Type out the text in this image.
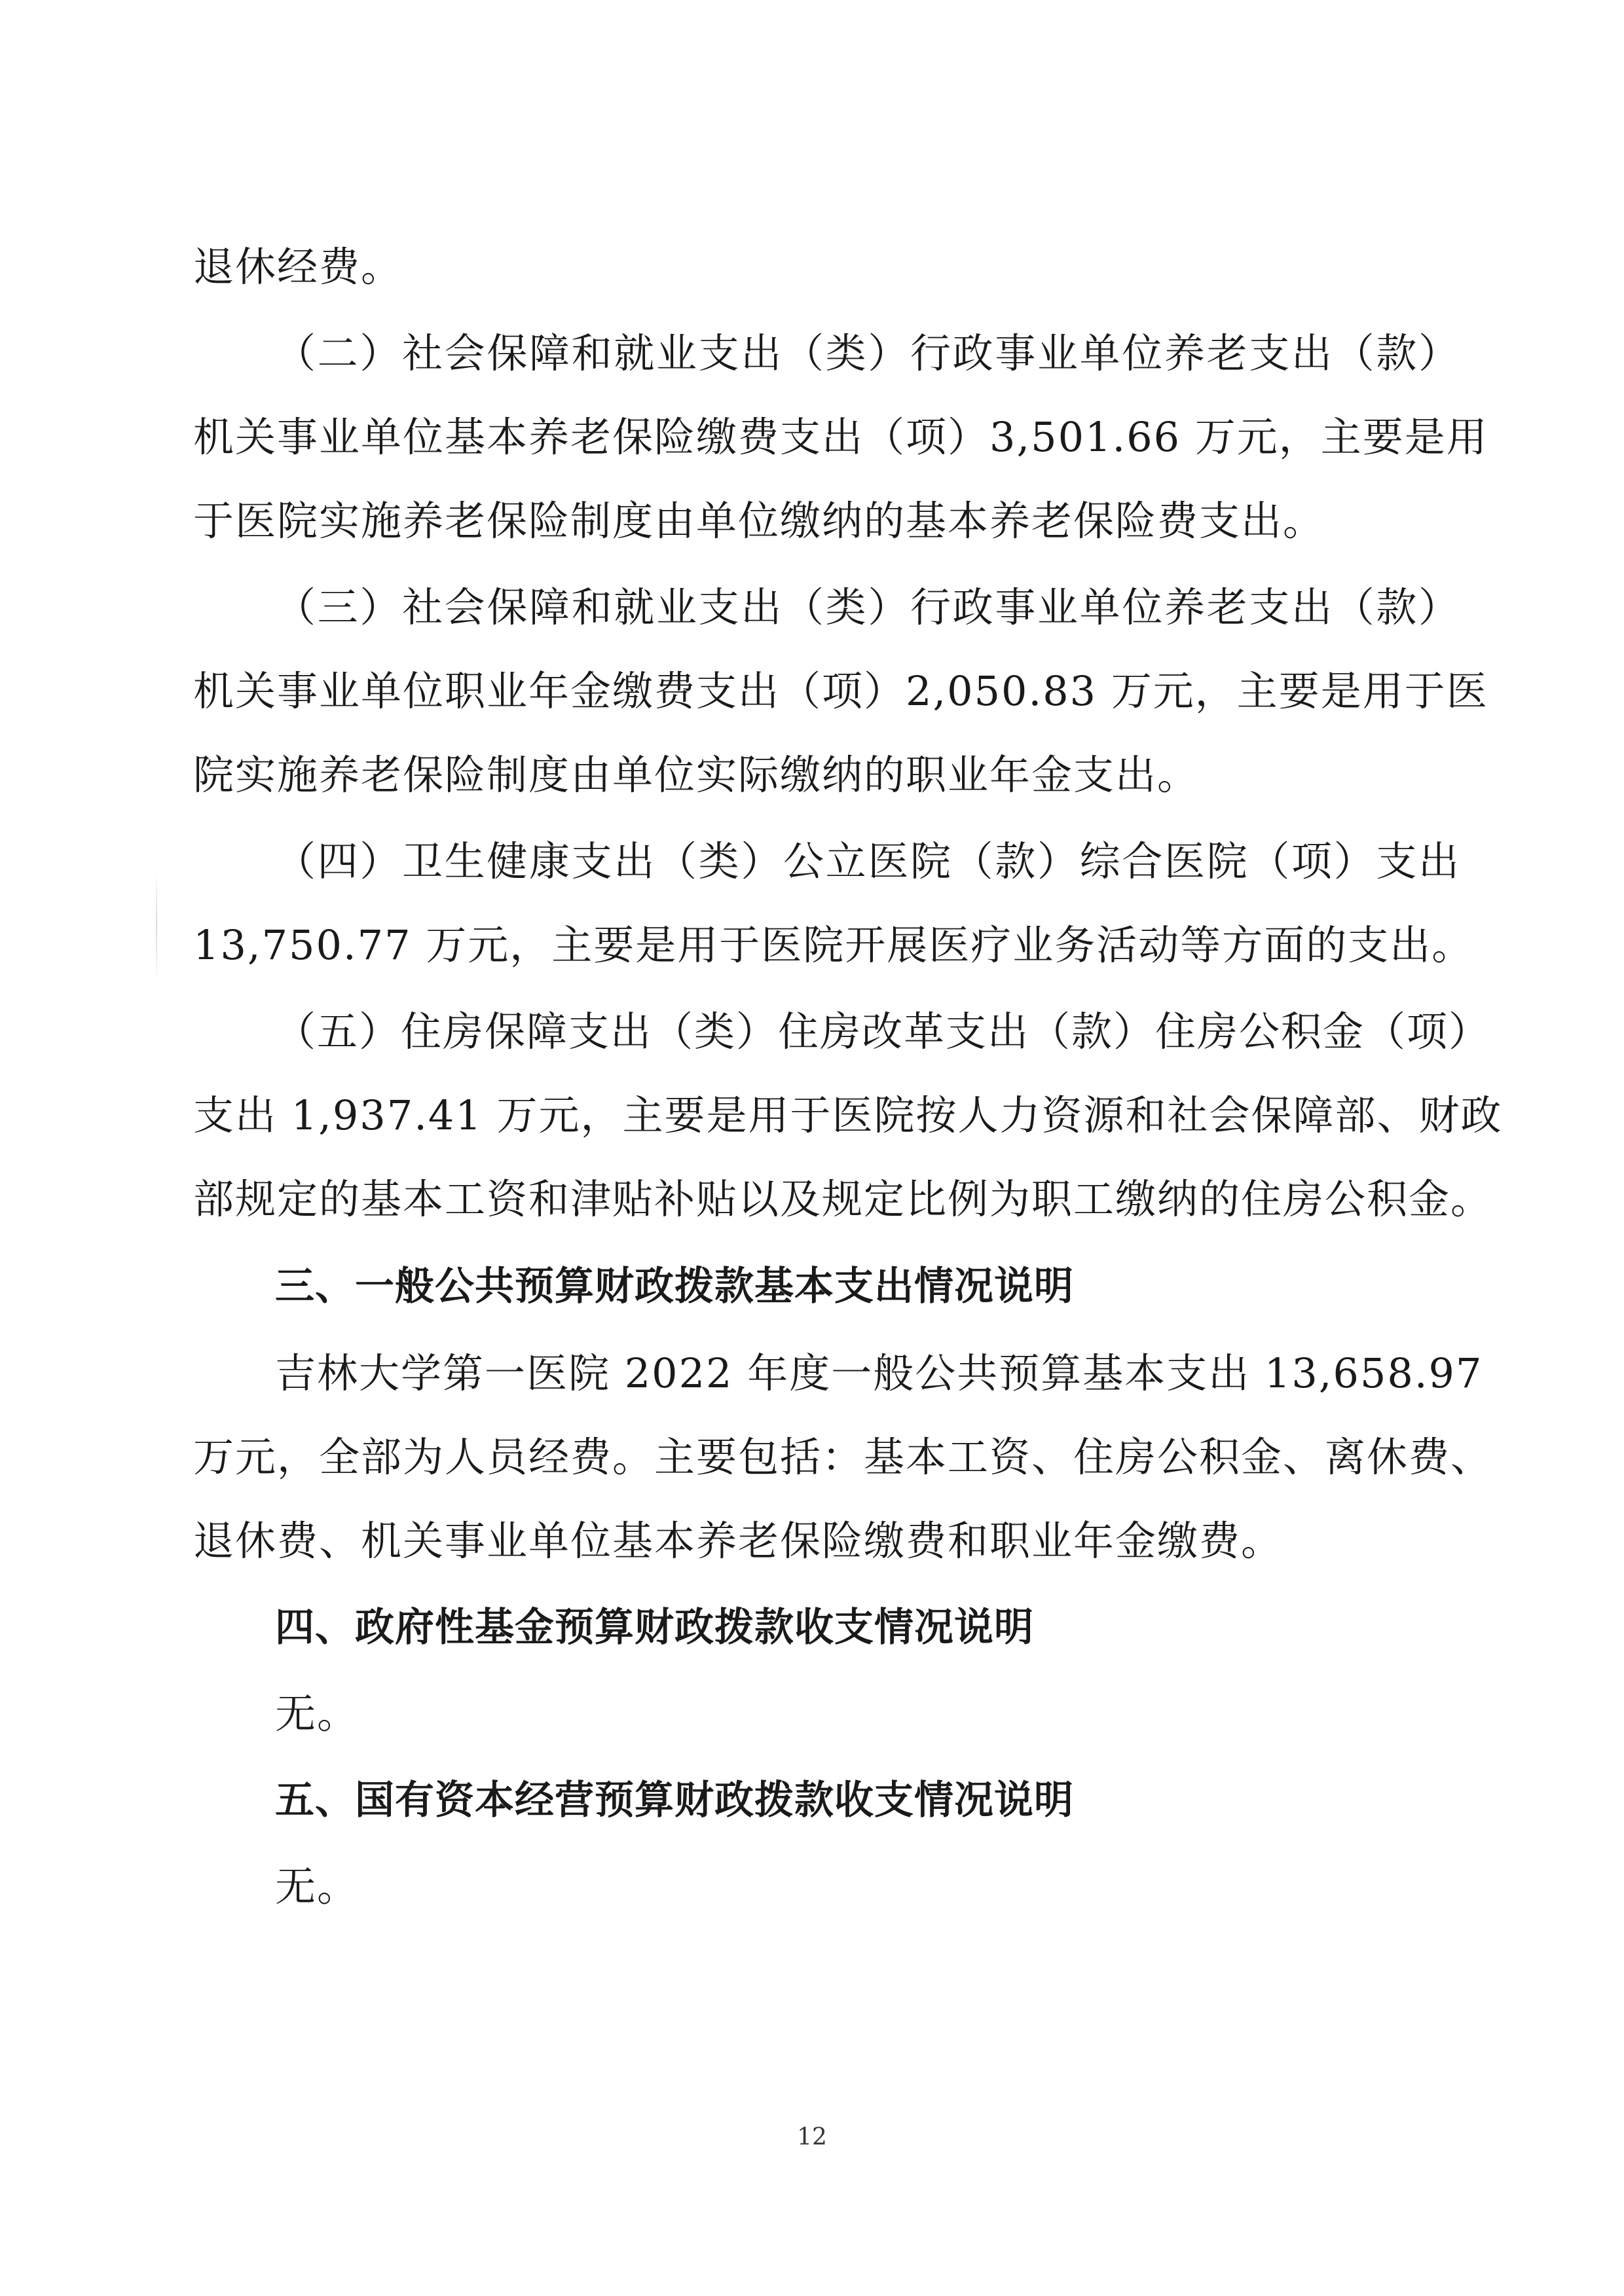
退休经费。
（二）社会保障和就业支出（类）行政事业单位养老支出（款）
机关事业单位基本养老保险缴费支出（项）3,501.66 万元，主要是用
于医院实施养老保险制度由单位缴纳的基本养老保险费支出。
（三）社会保障和就业支出（类）行政事业单位养老支出（款）
机关事业单位职业年金缴费支出（项）2,050.83 万元，主要是用于医
院实施养老保险制度由单位实际缴纳的职业年金支出。
（四）卫生健康支出（类）公立医院（款）综合医院（项）支出
13,750.77 万元，主要是用于医院开展医疗业务活动等方面的支出。
（五）住房保障支出（类）住房改革支出（款）住房公积金（项）
支出 1,937.41 万元，主要是用于医院按人力资源和社会保障部、财政
部规定的基本工资和津贴补贴以及规定比例为职工缴纳的住房公积金。
三、一般公共预算财政拨款基本支出情况说明
吉林大学第一医院 2022 年度一般公共预算基本支出 13,658.97
万元，全部为人员经费。主要包括：基本工资、住房公积金、离休费、
退休费、机关事业单位基本养老保险缴费和职业年金缴费。
四、政府性基金预算财政拨款收支情况说明
无。
五、国有资本经营预算财政拨款收支情况说明
无。
12
